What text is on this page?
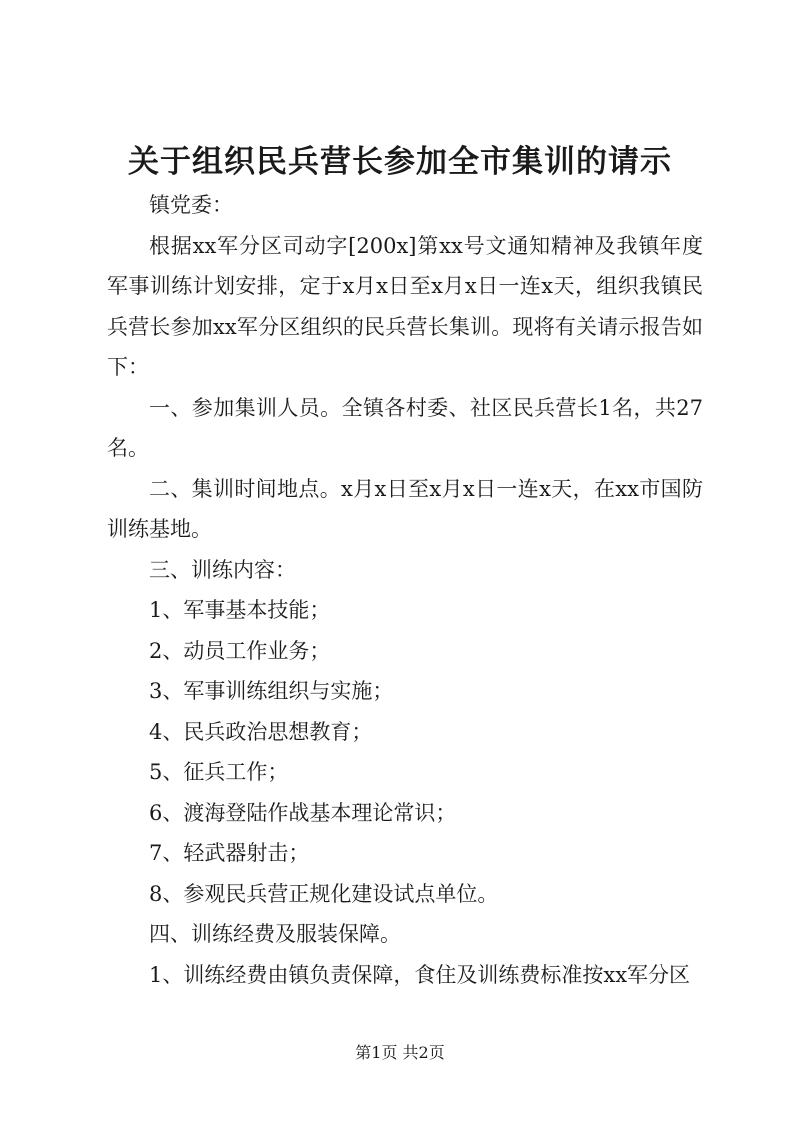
关于组织民兵营长参加全市集训的请示

镇党委：

根据xx军分区司动字[200x]第xx号文通知精神及我镇年度军事训练计划安排，定于x月x日至x月x日一连x天，组织我镇民兵营长参加xx军分区组织的民兵营长集训。现将有关请示报告如下：

一、参加集训人员。全镇各村委、社区民兵营长1名，共27名。

二、集训时间地点。x月x日至x月x日一连x天，在xx市国防训练基地。

三、训练内容：

1、军事基本技能；

2、动员工作业务；

3、军事训练组织与实施；

4、民兵政治思想教育；

5、征兵工作；

6、渡海登陆作战基本理论常识；

7、轻武器射击；

8、参观民兵营正规化建设试点单位。

四、训练经费及服装保障。

1、训练经费由镇负责保障，食住及训练费标准按xx军分区

第1页 共2页
